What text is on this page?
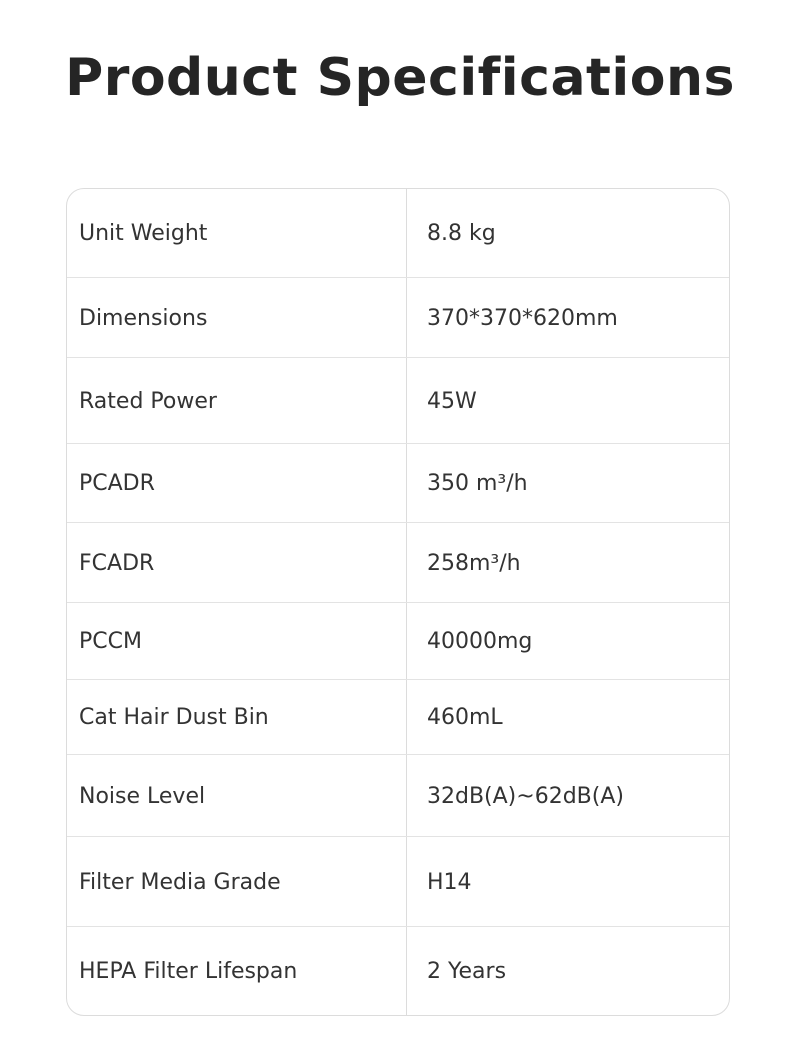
Product Specifications
Unit Weight	8.8 kg
Dimensions	370*370*620mm
Rated Power	45W
PCADR	350 m³/h
FCADR	258m³/h
PCCM	40000mg
Cat Hair Dust Bin	460mL
Noise Level	32dB(A)~62dB(A)
Filter Media Grade	H14
HEPA Filter Lifespan	2 Years
